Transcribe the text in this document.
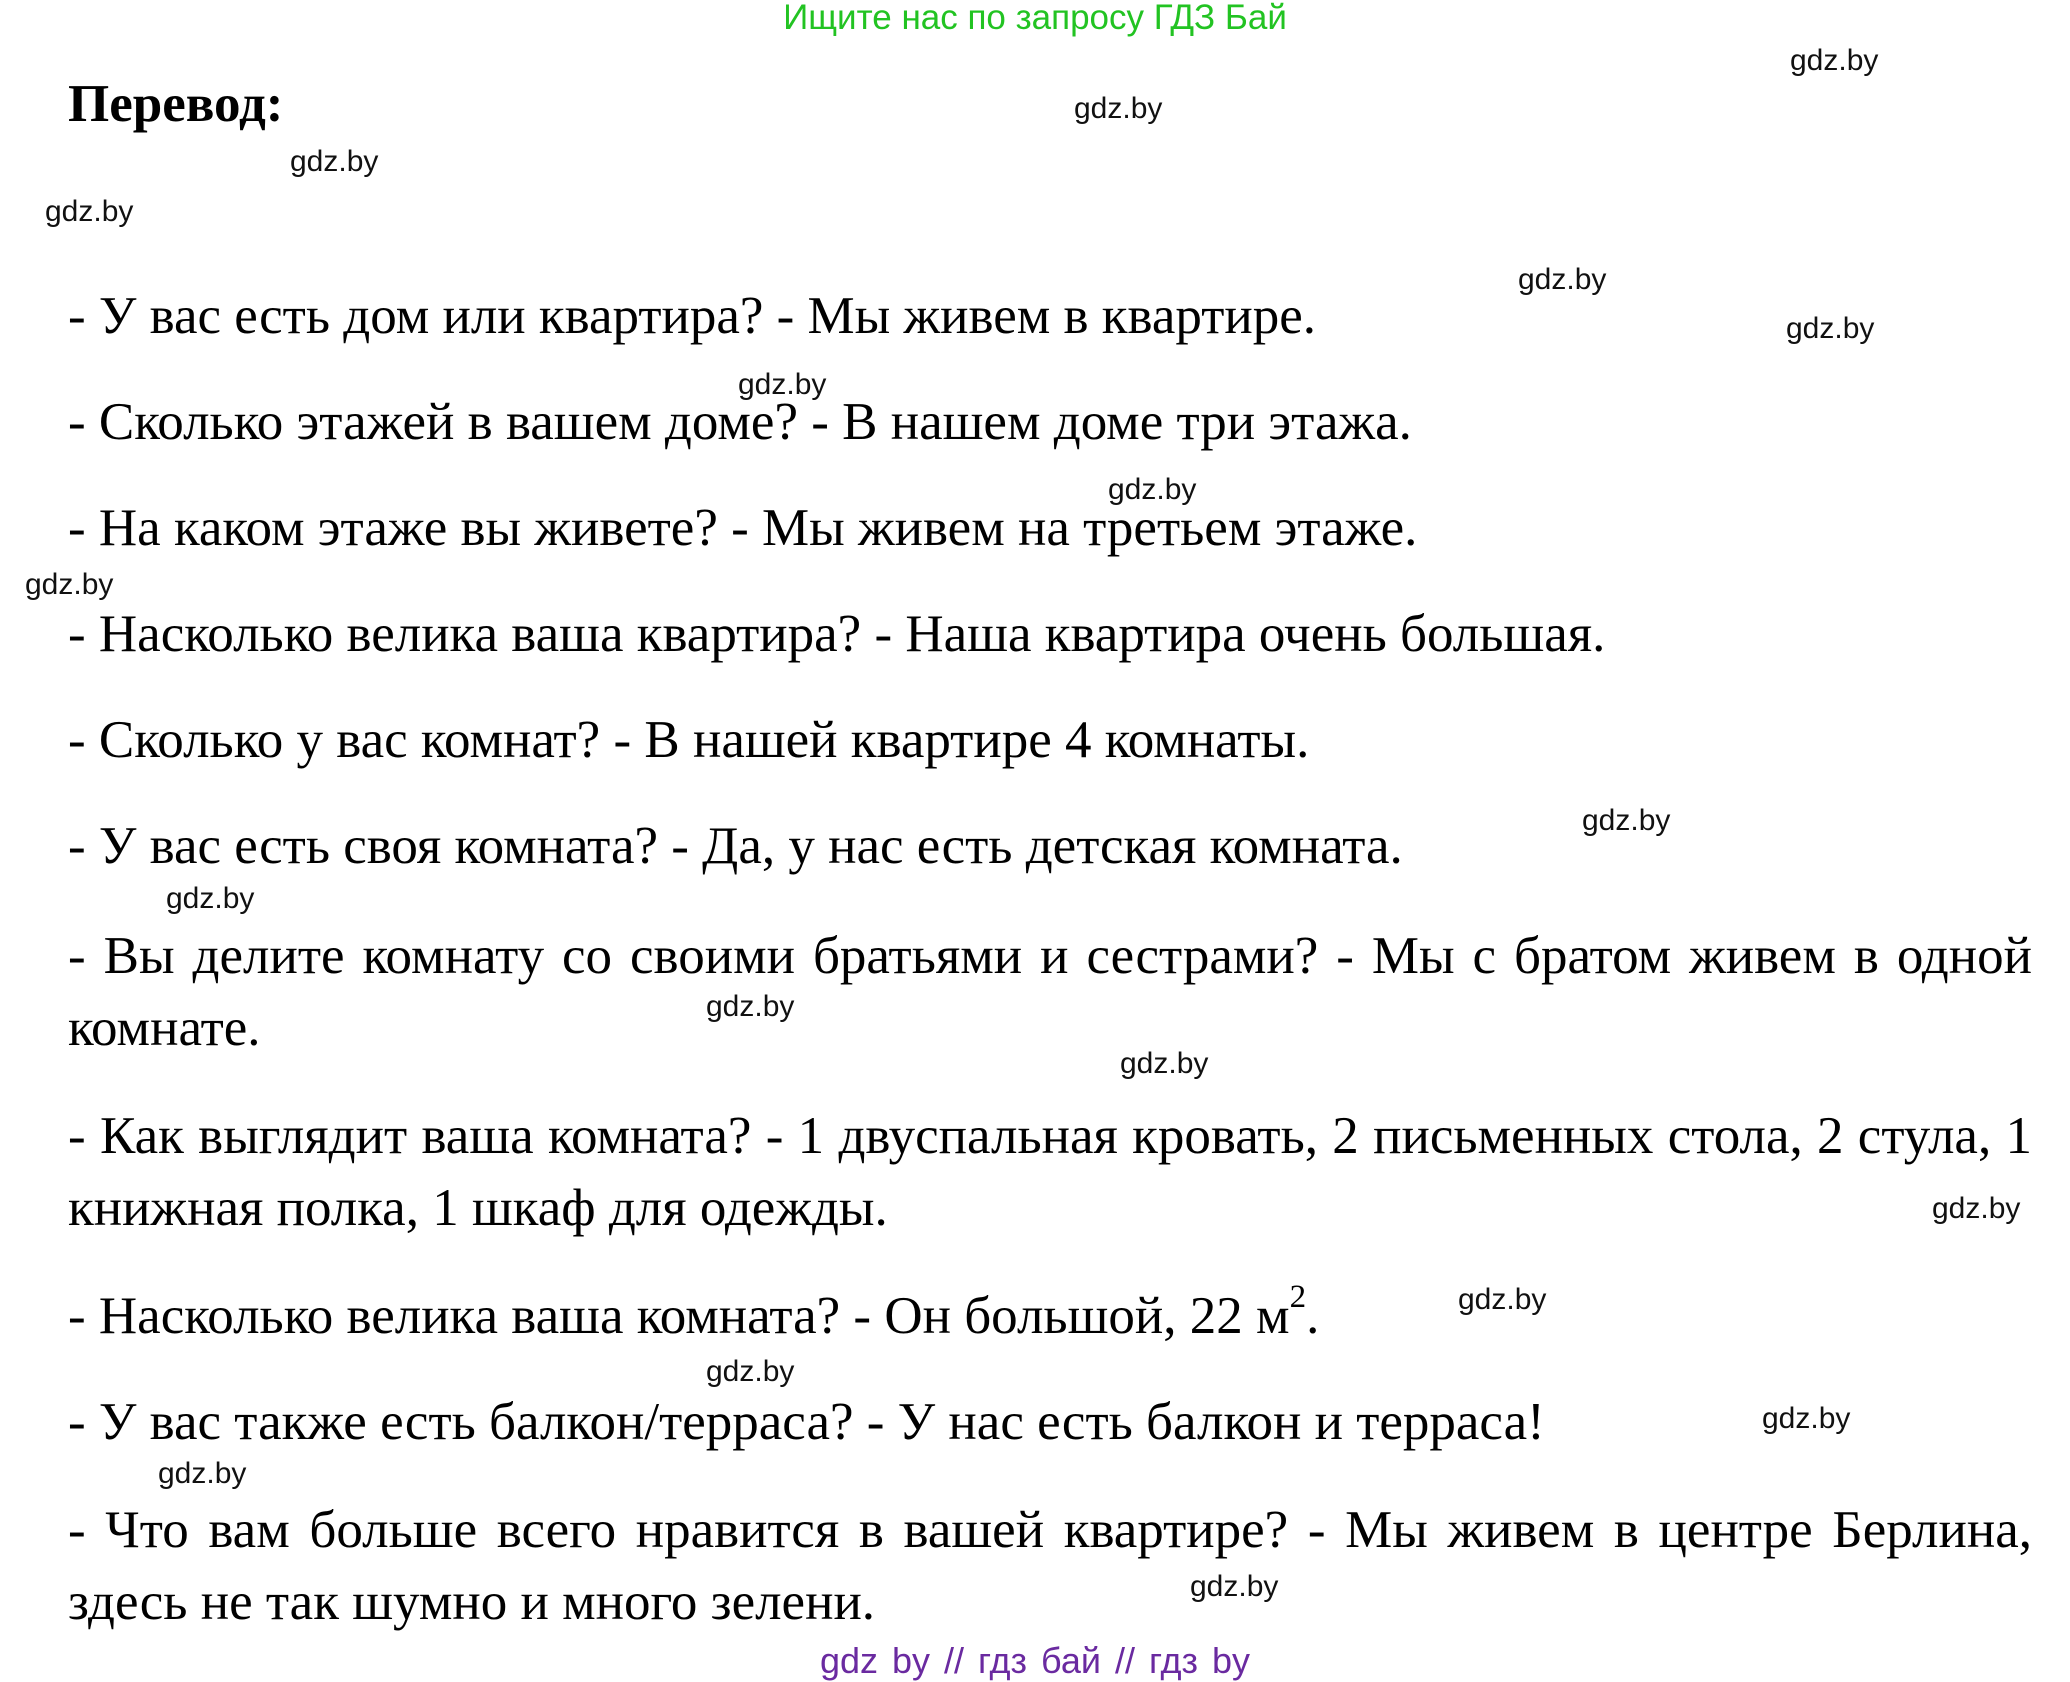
Ищите нас по запросу ГДЗ Бай

Перевод:

- У вас есть дом или квартира? - Мы живем в квартире.

- Сколько этажей в вашем доме? - В нашем доме три этажа.

- На каком этаже вы живете? - Мы живем на третьем этаже.

- Насколько велика ваша квартира? - Наша квартира очень большая.

- Сколько у вас комнат? - В нашей квартире 4 комнаты.

- У вас есть своя комната? - Да, у нас есть детская комната.

- Вы делите комнату со своими братьями и сестрами? - Мы с братом живем в одной комнате.

- Как выглядит ваша комната? - 1 двуспальная кровать, 2 письменных стола, 2 стула, 1 книжная полка, 1 шкаф для одежды.

- Насколько велика ваша комната? - Он большой, 22 $м^2$.

- У вас также есть балкон/терраса? - У нас есть балкон и терраса!

- Что вам больше всего нравится в вашей квартире? - Мы живем в центре Берлина, здесь не так шумно и много зелени.

gdz.by

gdz.by

gdz.by

gdz.by

gdz.by

gdz.by

gdz.by

gdz.by

gdz.by

gdz.by

gdz.by

gdz.by

gdz.by

gdz.by

gdz.by

gdz.by

gdz.by

gdz.by

gdz.by

gdz by // гдз бай // гдз by
